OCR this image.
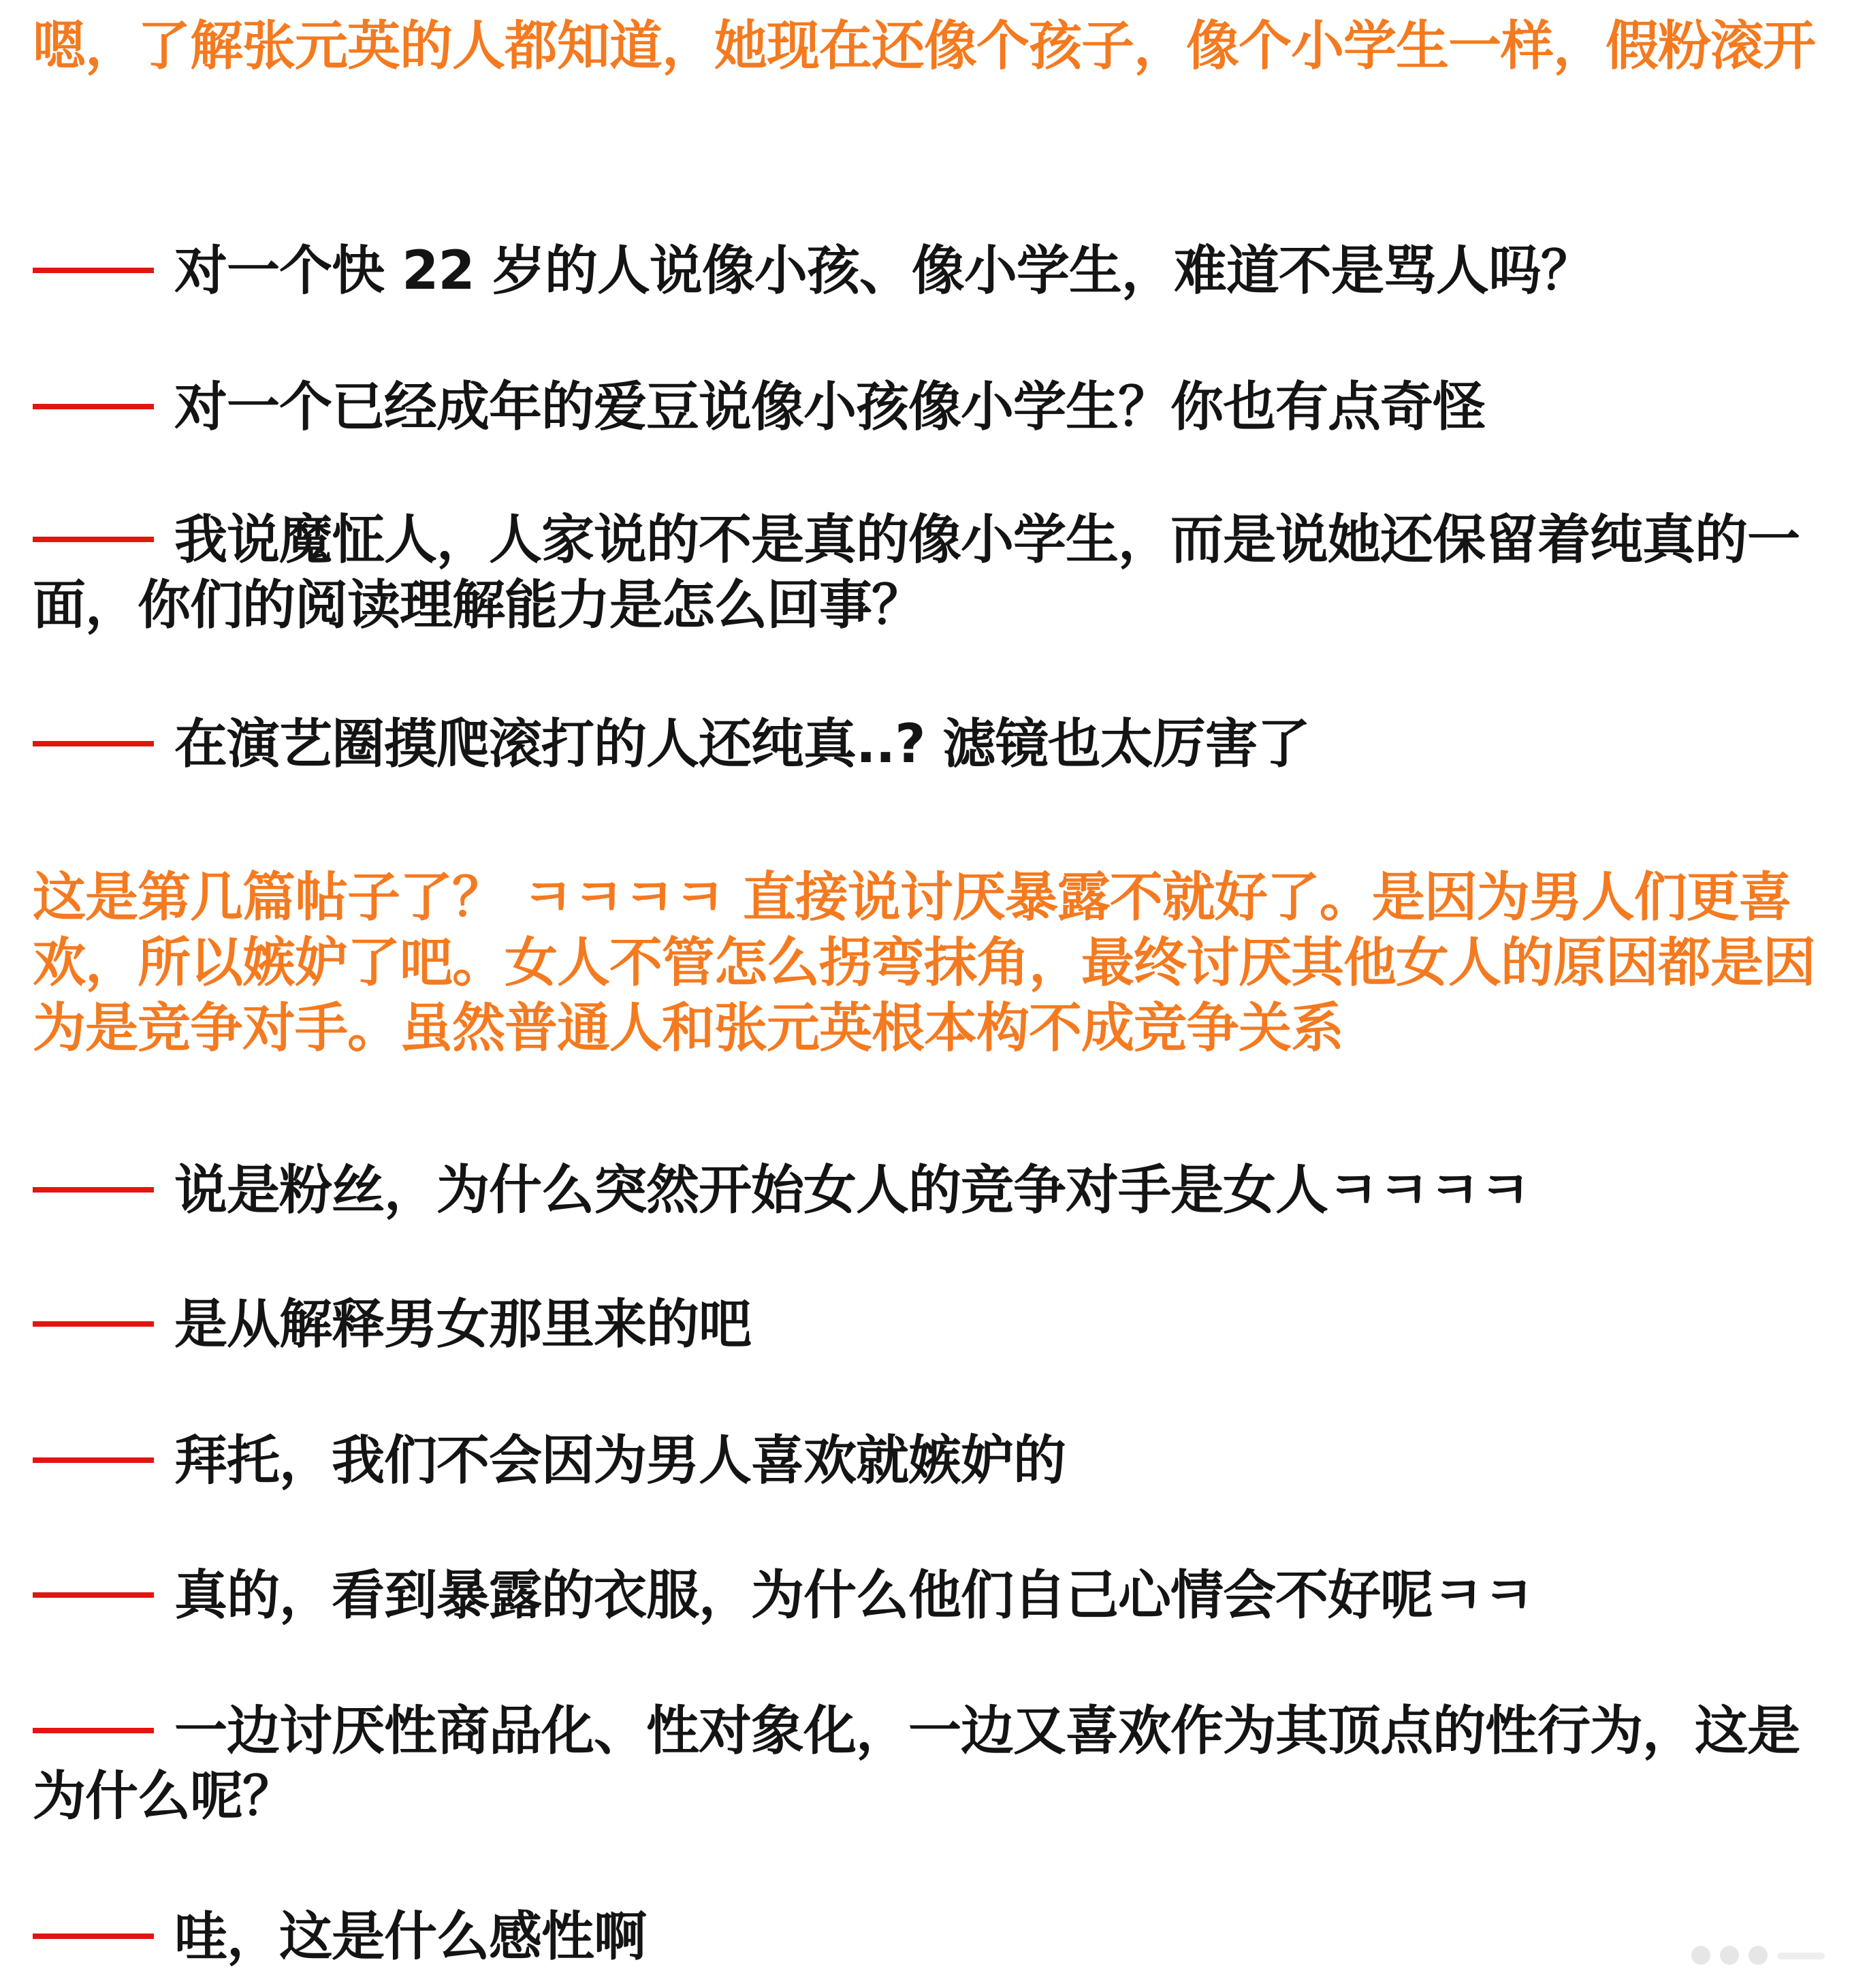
嗯，了解张元英的人都知道，她现在还像个孩子，像个小学生一样，假粉滚开
对一个快 22 岁的人说像小孩、像小学生，难道不是骂人吗？
对一个已经成年的爱豆说像小孩像小学生？你也有点奇怪
我说魔怔人，人家说的不是真的像小学生，而是说她还保留着纯真的一面，你们的阅读理解能力是怎么回事？
在演艺圈摸爬滚打的人还纯真..? 滤镜也太厉害了
这是第几篇帖子了？ ㅋㅋㅋㅋ 直接说讨厌暴露不就好了。是因为男人们更喜欢，所以嫉妒了吧。女人不管怎么拐弯抹角，最终讨厌其他女人的原因都是因为是竞争对手。虽然普通人和张元英根本构不成竞争关系
说是粉丝，为什么突然开始女人的竞争对手是女人ㅋㅋㅋㅋ
是从解释男女那里来的吧
拜托，我们不会因为男人喜欢就嫉妒的
真的，看到暴露的衣服，为什么他们自己心情会不好呢ㅋㅋ
一边讨厌性商品化、性对象化，一边又喜欢作为其顶点的性行为，这是为什么呢？
哇，这是什么感性啊
